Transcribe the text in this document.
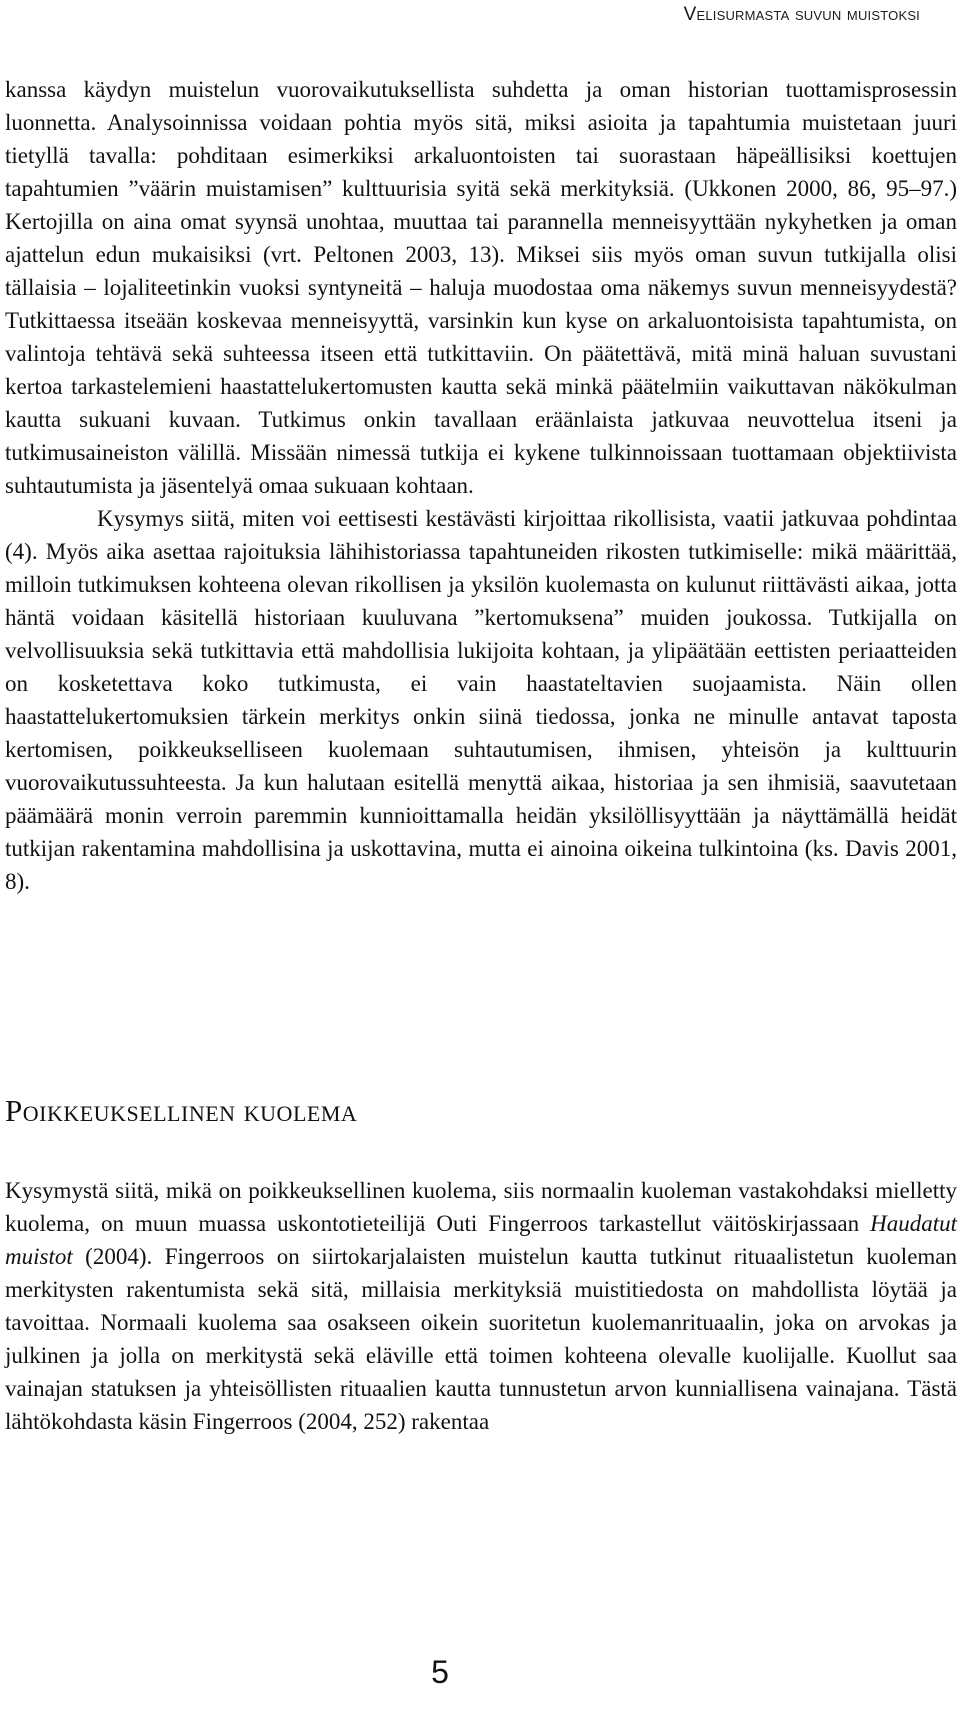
Velisurmasta suvun muistoksi

kanssa käydyn muistelun vuorovaikutuksellista suhdetta ja oman historian tuottamisprosessin luonnetta. Analysoinnissa voidaan pohtia myös sitä, miksi asioita ja tapahtumia muistetaan juuri tietyllä tavalla: pohditaan esimerkiksi arkaluontoisten tai suorastaan häpeällisiksi koettujen tapahtumien ”väärin muistamisen” kulttuurisia syitä sekä merkityksiä. (Ukkonen 2000, 86, 95–97.) Kertojilla on aina omat syynsä unohtaa, muuttaa tai parannella menneisyyttään nykyhetken ja oman ajattelun edun mukaisiksi (vrt. Peltonen 2003, 13). Miksei siis myös oman suvun tutkijalla olisi tällaisia – lojaliteetinkin vuoksi syntyneitä – haluja muodostaa oma näkemys suvun menneisyydestä? Tutkittaessa itseään koskevaa menneisyyttä, varsinkin kun kyse on arkaluontoisista tapahtumista, on valintoja tehtävä sekä suhteessa itseen että tutkittaviin. On päätettävä, mitä minä haluan suvustani kertoa tarkastelemieni haastattelukertomusten kautta sekä minkä päätelmiin vaikuttavan näkökulman kautta sukuani kuvaan. Tutkimus onkin tavallaan eräänlaista jatkuvaa neuvottelua itseni ja tutkimusaineiston välillä. Missään nimessä tutkija ei kykene tulkinnoissaan tuottamaan objektiivista suhtautumista ja jäsentelyä omaa sukuaan kohtaan.

Kysymys siitä, miten voi eettisesti kestävästi kirjoittaa rikollisista, vaatii jatkuvaa pohdintaa (4). Myös aika asettaa rajoituksia lähihistoriassa tapahtuneiden rikosten tutkimiselle: mikä määrittää, milloin tutkimuksen kohteena olevan rikollisen ja yksilön kuolemasta on kulunut riittävästi aikaa, jotta häntä voidaan käsitellä historiaan kuuluvana ”kertomuksena” muiden joukossa. Tutkijalla on velvollisuuksia sekä tutkittavia että mahdollisia lukijoita kohtaan, ja ylipäätään eettisten periaatteiden on kosketettava koko tutkimusta, ei vain haastateltavien suojaamista. Näin ollen haastattelukertomuksien tärkein merkitys onkin siinä tiedossa, jonka ne minulle antavat taposta kertomisen, poikkeukselliseen kuolemaan suhtautumisen, ihmisen, yhteisön ja kulttuurin vuorovaikutussuhteesta. Ja kun halutaan esitellä menyttä aikaa, historiaa ja sen ihmisiä, saavutetaan päämäärä monin verroin paremmin kunnioittamalla heidän yksilöllisyyttään ja näyttämällä heidät tutkijan rakentamina mahdollisina ja uskottavina, mutta ei ainoina oikeina tulkintoina (ks. Davis 2001, 8).

Poikkeuksellinen kuolema

Kysymystä siitä, mikä on poikkeuksellinen kuolema, siis normaalin kuoleman vastakohdaksi mielletty kuolema, on muun muassa uskontotieteilijä Outi Fingerroos tarkastellut väitöskirjassaan Haudatut muistot (2004). Fingerroos on siirtokarjalaisten muistelun kautta tutkinut rituaalistetun kuoleman merkitysten rakentumista sekä sitä, millaisia merkityksiä muistitiedosta on mahdollista löytää ja tavoittaa. Normaali kuolema saa osakseen oikein suoritetun kuolemanrituaalin, joka on arvokas ja julkinen ja jolla on merkitystä sekä eläville että toimen kohteena olevalle kuolijalle. Kuollut saa vainajan statuksen ja yhteisöllisten rituaalien kautta tunnustetun arvon kunniallisena vainajana. Tästä lähtökohdasta käsin Fingerroos (2004, 252) rakentaa

5
